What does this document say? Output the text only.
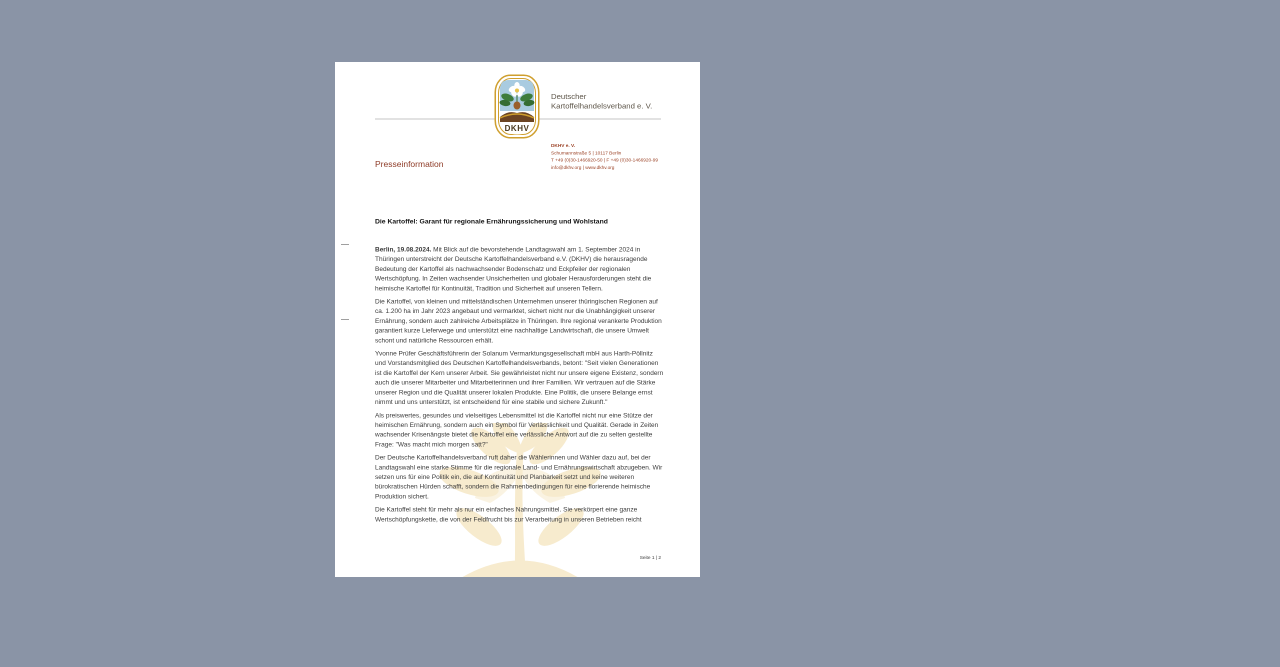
DKHV
Deutscher
Kartoffelhandelsverband e. V.
DKHV e. V.
Schumannstraße 5 | 10117 Berlin
T +49 (0)30-1466920-50 | F +49 (0)30-1466920-99
info@dkhv.org | www.dkhv.org
Presseinformation
Die Kartoffel: Garant für regionale Ernährungssicherung und Wohlstand

Berlin, 19.08.2024. Mit Blick auf die bevorstehende Landtagswahl am 1. September 2024 in Thüringen unterstreicht der Deutsche Kartoffelhandelsverband e.V. (DKHV) die herausragende Bedeutung der Kartoffel als nachwachsender Bodenschatz und Eckpfeiler der regionalen Wertschöpfung. In Zeiten wachsender Unsicherheiten und globaler Herausforderungen steht die heimische Kartoffel für Kontinuität, Tradition und Sicherheit auf unseren Tellern.

Die Kartoffel, von kleinen und mittelständischen Unternehmen unserer thüringischen Regionen auf ca. 1.200 ha im Jahr 2023 angebaut und vermarktet, sichert nicht nur die Unabhängigkeit unserer Ernährung, sondern auch zahlreiche Arbeitsplätze in Thüringen. Ihre regional verankerte Produktion garantiert kurze Lieferwege und unterstützt eine nachhaltige Landwirtschaft, die unsere Umwelt schont und natürliche Ressourcen erhält.

Yvonne Prüfer Geschäftsführerin der Solanum Vermarktungsgesellschaft mbH aus Harth-Pöllnitz und Vorstandsmitglied des Deutschen Kartoffelhandelsverbands, betont: "Seit vielen Generationen ist die Kartoffel der Kern unserer Arbeit. Sie gewährleistet nicht nur unsere eigene Existenz, sondern auch die unserer Mitarbeiter und Mitarbeiterinnen und ihrer Familien. Wir vertrauen auf die Stärke unserer Region und die Qualität unserer lokalen Produkte. Eine Politik, die unsere Belange ernst nimmt und uns unterstützt, ist entscheidend für eine stabile und sichere Zukunft."

Als preiswertes, gesundes und vielseitiges Lebensmittel ist die Kartoffel nicht nur eine Stütze der heimischen Ernährung, sondern auch ein Symbol für Verlässlichkeit und Qualität. Gerade in Zeiten wachsender Krisenängste bietet die Kartoffel eine verlässliche Antwort auf die zu selten gestellte Frage: "Was macht mich morgen satt?"

Der Deutsche Kartoffelhandelsverband ruft daher die Wählerinnen und Wähler dazu auf, bei der Landtagswahl eine starke Stimme für die regionale Land- und Ernährungswirtschaft abzugeben. Wir setzen uns für eine Politik ein, die auf Kontinuität und Planbarkeit setzt und keine weiteren bürokratischen Hürden schafft, sondern die Rahmenbedingungen für eine florierende heimische Produktion sichert.

Die Kartoffel steht für mehr als nur ein einfaches Nahrungsmittel. Sie verkörpert eine ganze Wertschöpfungskette, die von der Feldfrucht bis zur Verarbeitung in unseren Betrieben reicht

Seite 1 | 2
